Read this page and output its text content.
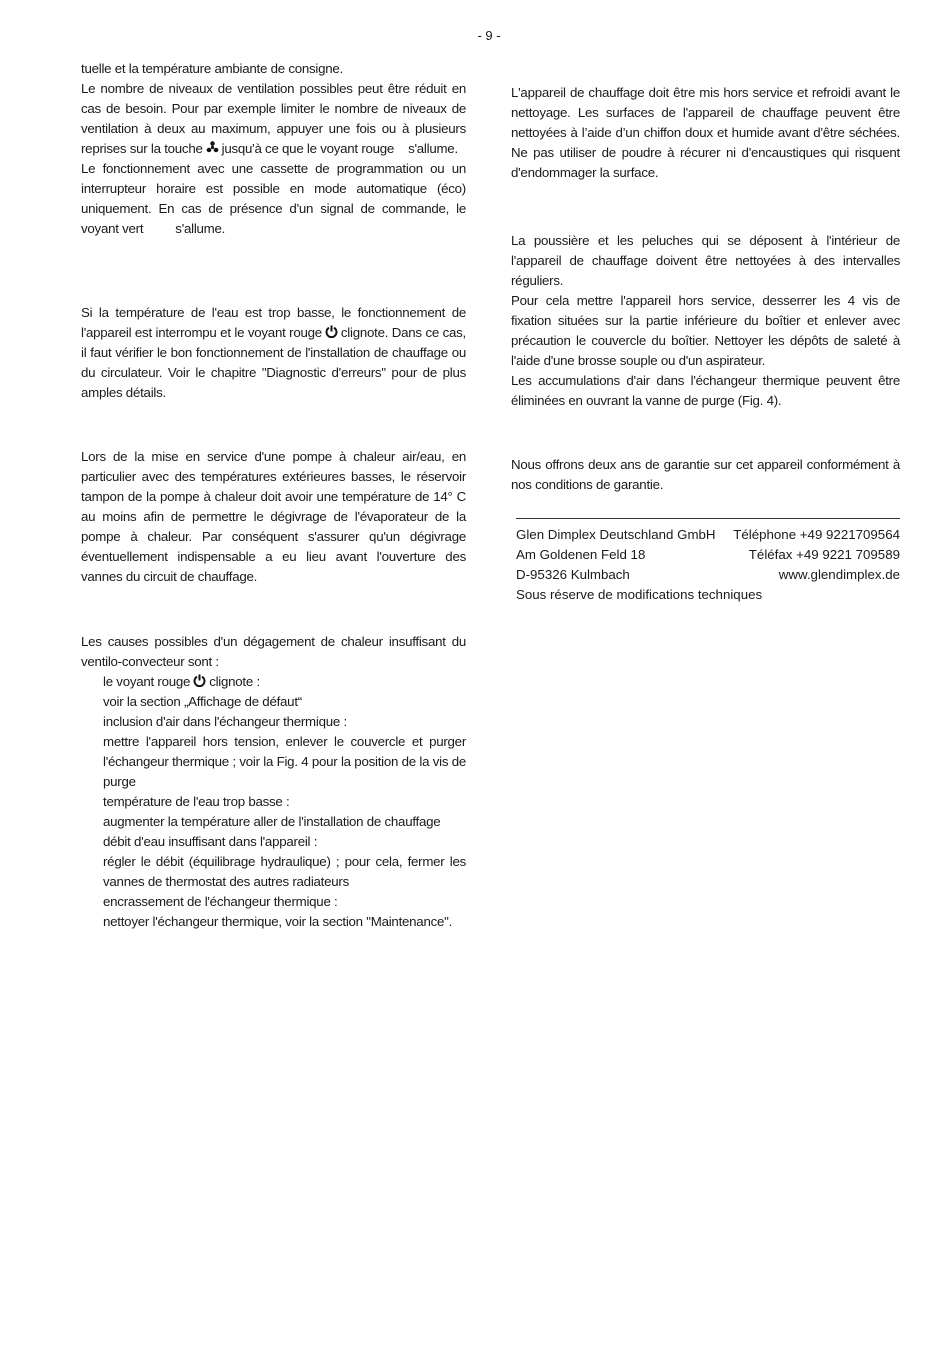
- 9 -

tuelle et la température ambiante de consigne.

Le nombre de niveaux de ventilation possibles peut être réduit en cas de besoin. Pour par exemple limiter le nombre de niveaux de ventilation à deux au maximum, appuyer une fois ou à plusieurs reprises sur la touche jusqu'à ce que le voyant rouge s'allume.

Le fonctionnement avec une cassette de programmation ou un interrupteur horaire est possible en mode automatique (éco) uniquement. En cas de présence d'un signal de commande, le voyant vert s'allume.

Si la température de l'eau est trop basse, le fonctionnement de l'appareil est interrompu et le voyant rouge clignote. Dans ce cas, il faut vérifier le bon fonctionnement de l'installation de chauffage ou du circulateur. Voir le chapitre "Diagnostic d'erreurs" pour de plus amples détails.

Lors de la mise en service d'une pompe à chaleur air/eau, en particulier avec des températures extérieures basses, le réservoir tampon de la pompe à chaleur doit avoir une température de 14° C au moins afin de permettre le dégivrage de l'évaporateur de la pompe à chaleur. Par conséquent s'assurer qu'un dégivrage éventuellement indispensable a eu lieu avant l'ouverture des vannes du circuit de chauffage.

Les causes possibles d'un dégagement de chaleur insuffisant du ventilo-convecteur sont :

le voyant rouge clignote :

voir la section „Affichage de défaut“

inclusion d'air dans l'échangeur thermique :

mettre l'appareil hors tension, enlever le couvercle et purger l'échangeur thermique ; voir la Fig. 4 pour la position de la vis de purge

température de l'eau trop basse :

augmenter la température aller de l'installation de chauffage

débit d'eau insuffisant dans l'appareil :

régler le débit (équilibrage hydraulique) ; pour cela, fermer les vannes de thermostat des autres radiateurs

encrassement de l'échangeur thermique :

nettoyer l'échangeur thermique, voir la section "Maintenance".

L'appareil de chauffage doit être mis hors service et refroidi avant le nettoyage. Les surfaces de l'appareil de chauffage peuvent être nettoyées à l’aide d’un chiffon doux et humide avant d'être séchées. Ne pas utiliser de poudre à récurer ni d'encaustiques qui risquent d'endommager la surface.

La poussière et les peluches qui se déposent à l'intérieur de l'appareil de chauffage doivent être nettoyées à des intervalles réguliers.

Pour cela mettre l'appareil hors service, desserrer les 4 vis de fixation situées sur la partie inférieure du boîtier et enlever avec précaution le couvercle du boîtier. Nettoyer les dépôts de saleté à l'aide d'une brosse souple ou d'un aspirateur.

Les accumulations d'air dans l'échangeur thermique peuvent être éliminées en ouvrant la vanne de purge (Fig. 4).

Nous offrons deux ans de garantie sur cet appareil conformément à nos conditions de garantie.

Glen Dimplex Deutschland GmbH Téléphone +49 9221709564
Am Goldenen Feld 18	Téléfax +49 9221 709589
D-95326 Kulmbach	www.glendimplex.de
Sous réserve de modifications techniques
